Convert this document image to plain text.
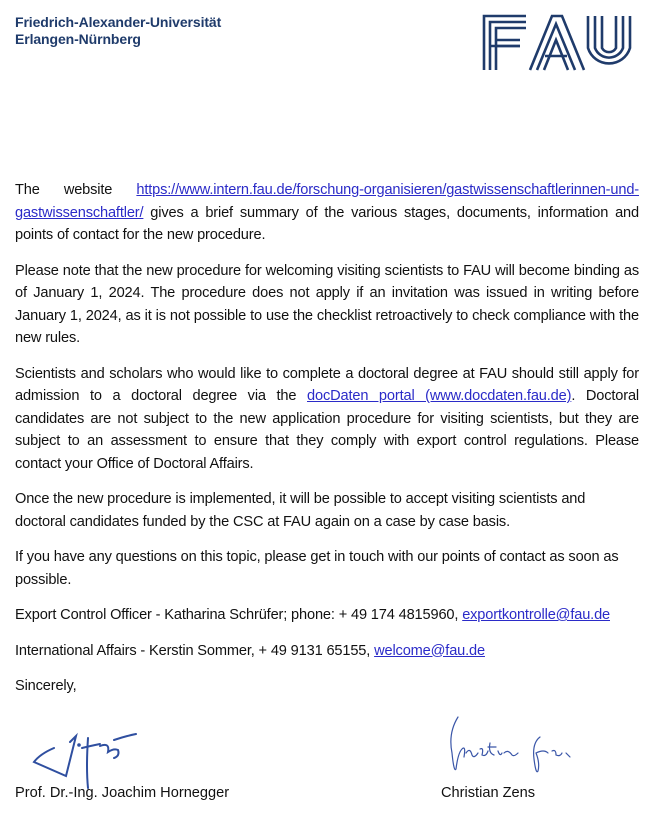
Friedrich-Alexander-Universität
Erlangen-Nürnberg

The website https://www.intern.fau.de/forschung-organisieren/gastwissenschaftlerinnen-und-gastwissenschaftler/ gives a brief summary of the various stages, documents, information and points of contact for the new procedure.

Please note that the new procedure for welcoming visiting scientists to FAU will become binding as of January 1, 2024. The procedure does not apply if an invitation was issued in writing before January 1, 2024, as it is not possible to use the checklist retroactively to check compliance with the new rules.

Scientists and scholars who would like to complete a doctoral degree at FAU should still apply for admission to a doctoral degree via the docDaten portal (www.docdaten.fau.de). Doctoral candidates are not subject to the new application procedure for visiting scientists, but they are subject to an assessment to ensure that they comply with export control regulations. Please contact your Office of Doctoral Affairs.

Once the new procedure is implemented, it will be possible to accept visiting scientists and doctoral candidates funded by the CSC at FAU again on a case by case basis.

If you have any questions on this topic, please get in touch with our points of contact as soon as possible.

Export Control Officer - Katharina Schrüfer; phone: + 49 174 4815960, exportkontrolle@fau.de

International Affairs - Kerstin Sommer, + 49 9131 65155, welcome@fau.de

Sincerely,

Prof. Dr.-Ing. Joachim Hornegger	Christian Zens
